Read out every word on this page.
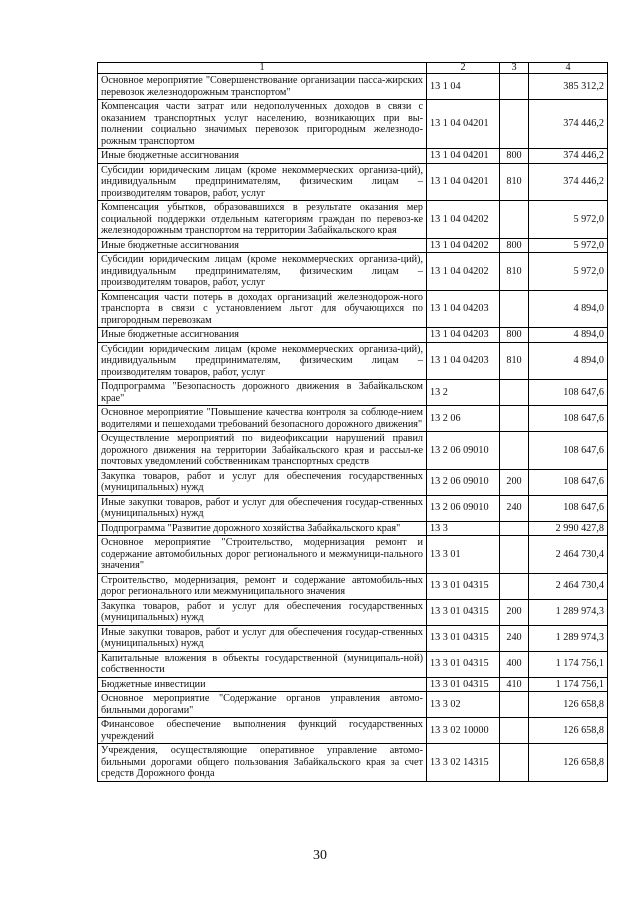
1	2	3	4
Основное мероприятие "Совершенствование организации пасса-жирских перевозок железнодорожным транспортом"	13 1 04		385 312,2
Компенсация части затрат или недополученных доходов в связи с оказанием транспортных услуг населению, возникающих при вы-полнении социально значимых перевозок пригородным железнодо-рожным транспортом	13 1 04 04201		374 446,2
Иные бюджетные ассигнования	13 1 04 04201	800	374 446,2
Субсидии юридическим лицам (кроме некоммерческих организа-ций), индивидуальным предпринимателям, физическим лицам – производителям товаров, работ, услуг	13 1 04 04201	810	374 446,2
Компенсация убытков, образовавшихся в результате оказания мер социальной поддержки отдельным категориям граждан по перевоз-ке железнодорожным транспортом на территории Забайкальского края	13 1 04 04202		5 972,0
Иные бюджетные ассигнования	13 1 04 04202	800	5 972,0
Субсидии юридическим лицам (кроме некоммерческих организа-ций), индивидуальным предпринимателям, физическим лицам – производителям товаров, работ, услуг	13 1 04 04202	810	5 972,0
Компенсация части потерь в доходах организаций железнодорож-ного транспорта в связи с установлением льгот для обучающихся по пригородным перевозкам	13 1 04 04203		4 894,0
Иные бюджетные ассигнования	13 1 04 04203	800	4 894,0
Субсидии юридическим лицам (кроме некоммерческих организа-ций), индивидуальным предпринимателям, физическим лицам – производителям товаров, работ, услуг	13 1 04 04203	810	4 894,0
Подпрограмма "Безопасность дорожного движения в Забайкальском крае"	13 2		108 647,6
Основное мероприятие "Повышение качества контроля за соблюде-нием водителями и пешеходами требований безопасного дорожного движения"	13 2 06		108 647,6
Осуществление мероприятий по видеофиксации нарушений правил дорожного движения на территории Забайкальского края и рассыл-ке почтовых уведомлений собственникам транспортных средств	13 2 06 09010		108 647,6
Закупка товаров, работ и услуг для обеспечения государственных (муниципальных) нужд	13 2 06 09010	200	108 647,6
Иные закупки товаров, работ и услуг для обеспечения государ-ственных (муниципальных) нужд	13 2 06 09010	240	108 647,6
Подпрограмма "Развитие дорожного хозяйства Забайкальского края"	13 3		2 990 427,8
Основное мероприятие "Строительство, модернизация ремонт и содержание автомобильных дорог регионального и межмуници-пального значения"	13 3 01		2 464 730,4
Строительство, модернизация, ремонт и содержание автомобиль-ных дорог регионального или межмуниципального значения	13 3 01 04315		2 464 730,4
Закупка товаров, работ и услуг для обеспечения государственных (муниципальных) нужд	13 3 01 04315	200	1 289 974,3
Иные закупки товаров, работ и услуг для обеспечения государ-ственных (муниципальных) нужд	13 3 01 04315	240	1 289 974,3
Капитальные вложения в объекты государственной (муниципаль-ной) собственности	13 3 01 04315	400	1 174 756,1
Бюджетные инвестиции	13 3 01 04315	410	1 174 756,1
Основное мероприятие "Содержание органов управления автомо-бильными дорогами"	13 3 02		126 658,8
Финансовое обеспечение выполнения функций государственных учреждений	13 3 02 10000		126 658,8
Учреждения, осуществляющие оперативное управление автомо-бильными дорогами общего пользования Забайкальского края за счет средств Дорожного фонда	13 3 02 14315		126 658,8
30
